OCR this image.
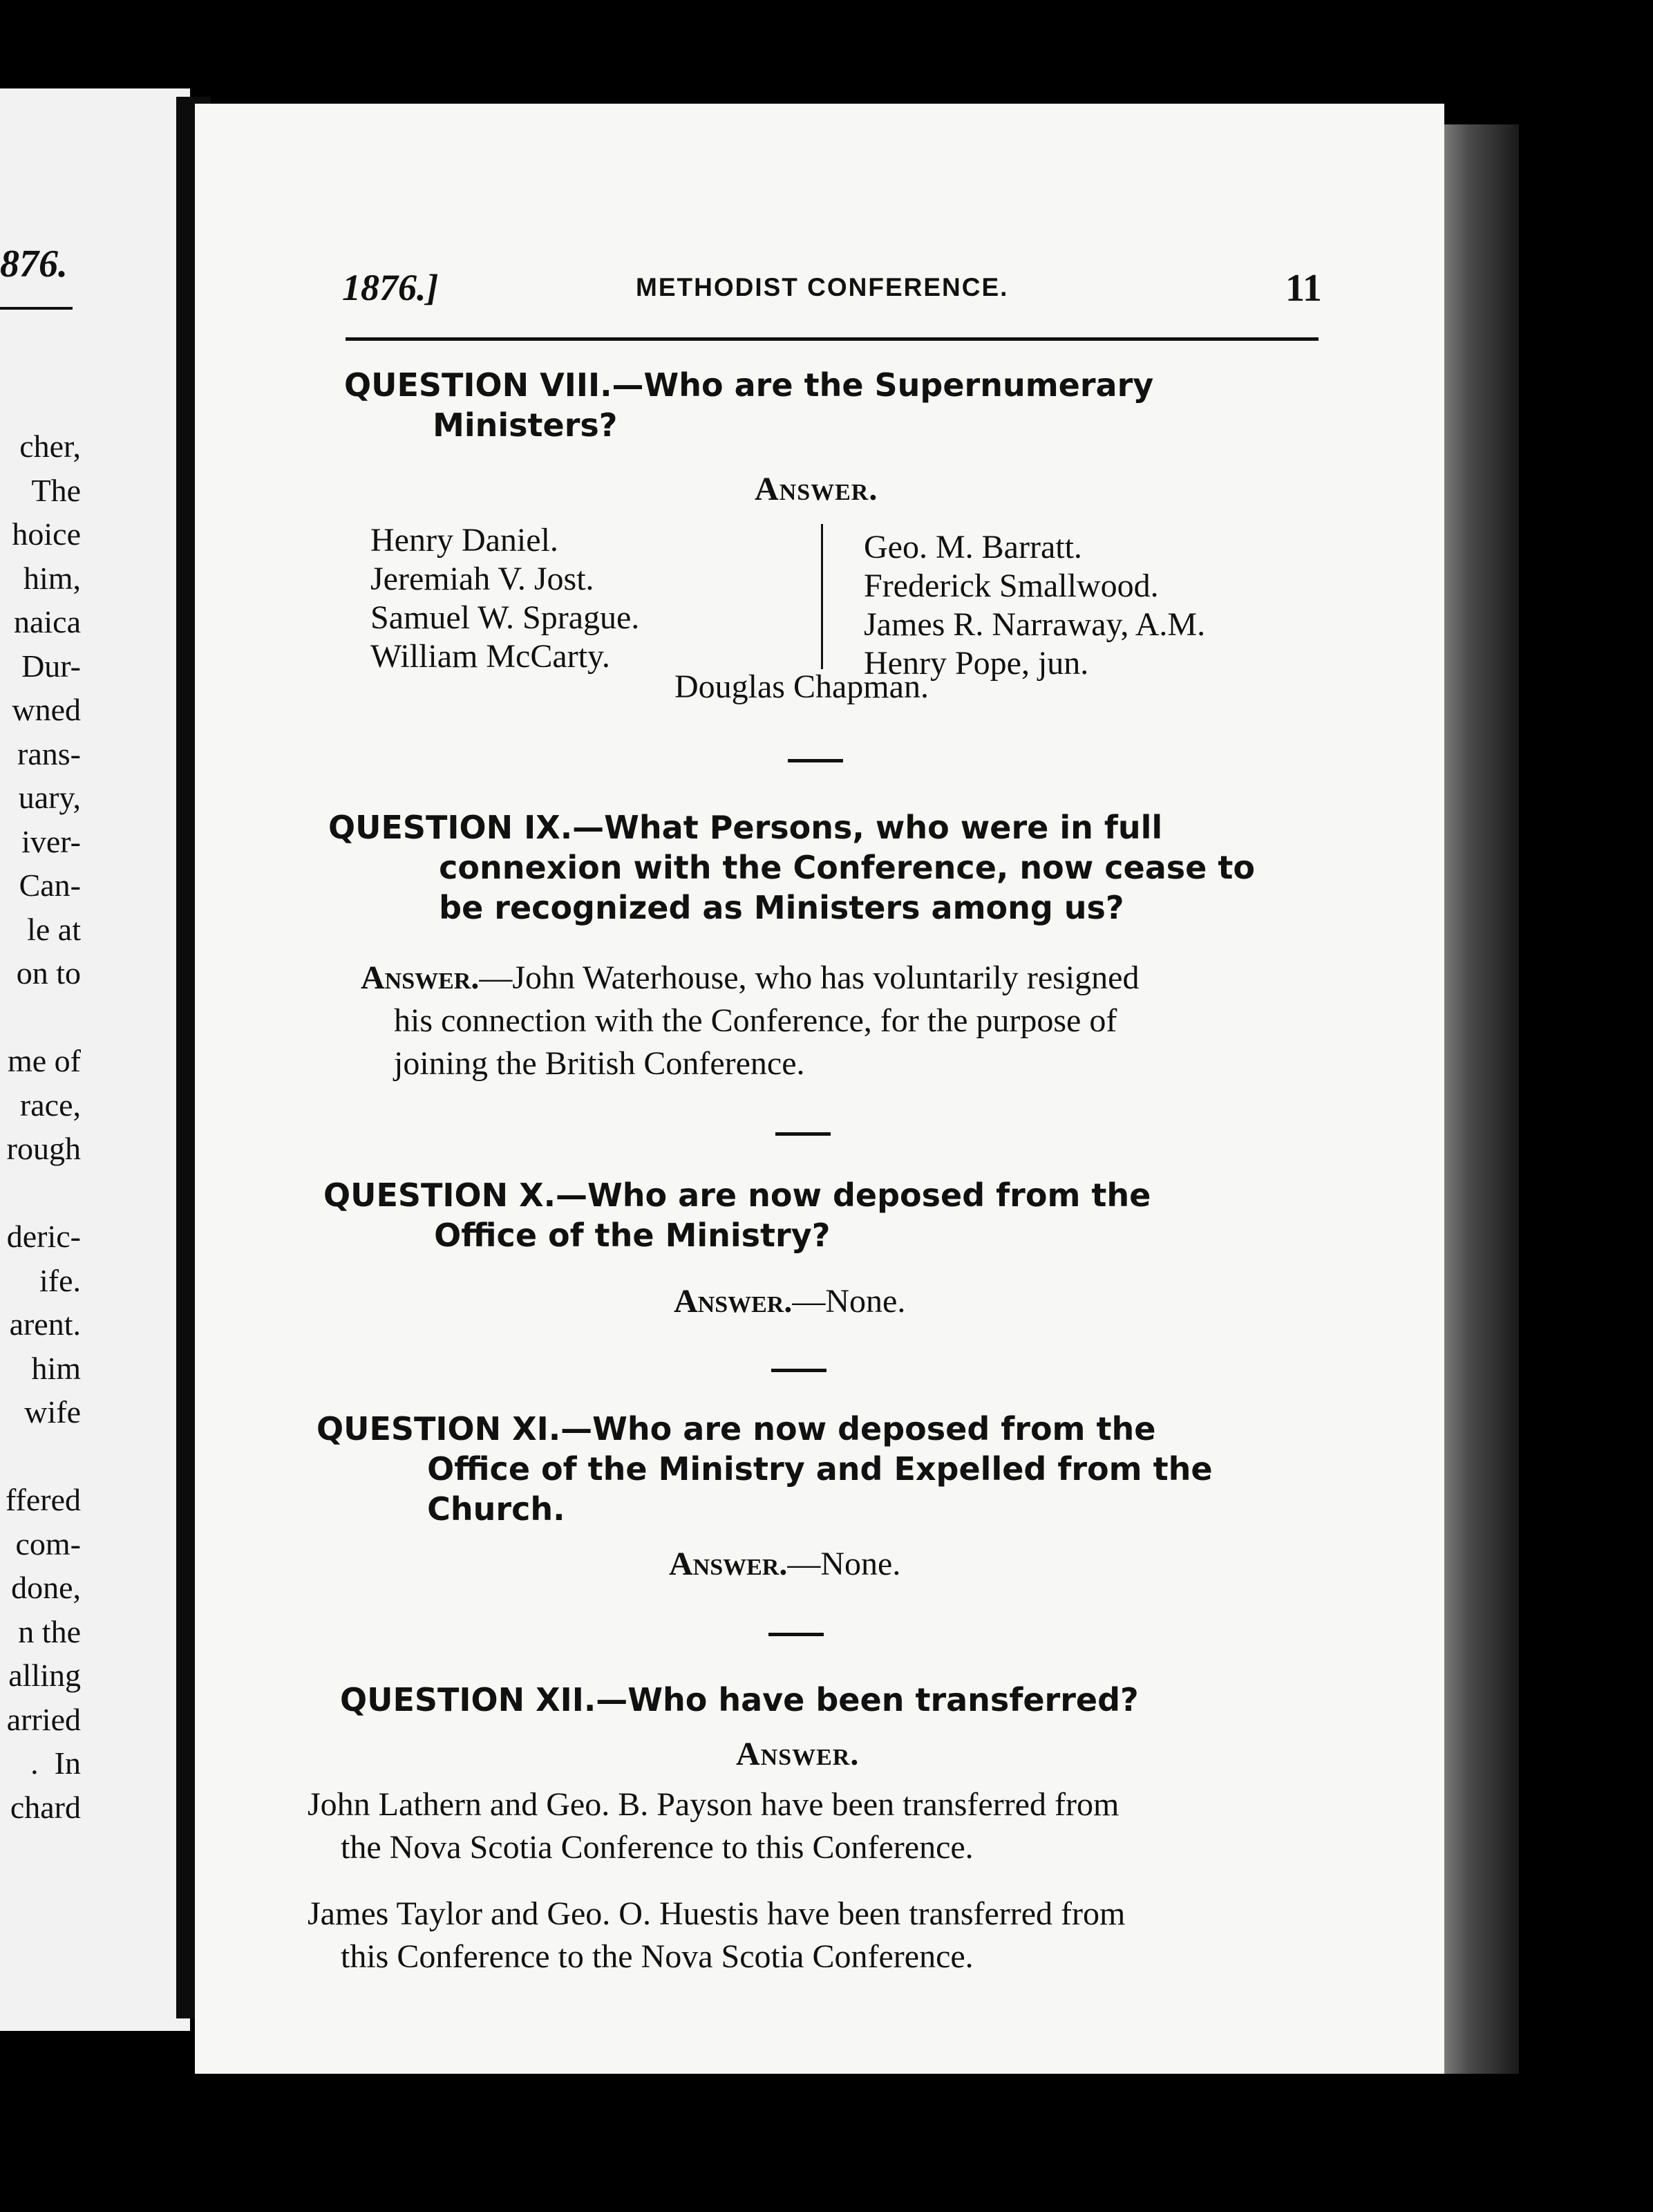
876.
cher,
The
hoice
him,
naica
Dur-
wned
rans-
uary,
iver-
Can-
le at
on to

me of
race,
rough

deric-
ife.
arent.
him
wife

ffered
com-
done,
n the
alling
arried
.  In
chard
1876.]	METHODIST CONFERENCE.	11
QUESTION VIII.—Who are the Supernumerary
Ministers?
Answer.
Henry Daniel.
Jeremiah V. Jost.
Samuel W. Sprague.
William McCarty.
Geo. M. Barratt.
Frederick Smallwood.
James R. Narraway, A.M.
Henry Pope, jun.
Douglas Chapman.
QUESTION IX.—What Persons, who were in full
connexion with the Conference, now cease to
be recognized as Ministers among us?
Answer.—John Waterhouse, who has voluntarily resigned
his connection with the Conference, for the purpose of
joining the British Conference.
QUESTION X.—Who are now deposed from the
Office of the Ministry?
Answer.—None.
QUESTION XI.—Who are now deposed from the
Office of the Ministry and Expelled from the
Church.
Answer.—None.
QUESTION XII.—Who have been transferred?
Answer.
John Lathern and Geo. B. Payson have been transferred from
the Nova Scotia Conference to this Conference.
James Taylor and Geo. O. Huestis have been transferred from
this Conference to the Nova Scotia Conference.
